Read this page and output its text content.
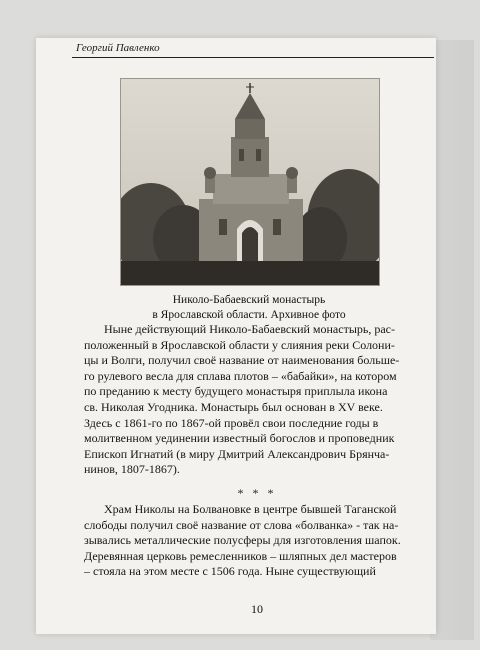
Георгий Павленко
Николо-Бабаевский монастырь
в Ярославской области. Архивное фото
Ныне действующий Николо-Бабаевский монастырь, рас-
положенный в Ярославской области у слияния реки Солони-
цы и Волги, получил своё название от наименования больше-
го рулевого весла для сплава плотов – «бабайки», на котором
по преданию к месту будущего монастыря приплыла икона
св. Николая Угодника. Монастырь был основан в XV веке.
Здесь с 1861-го по 1867-ой провёл свои последние годы в
молитвенном уединении известный богослов и проповедник
Епископ Игнатий (в миру Дмитрий Александрович Брянча-
нинов, 1807-1867).
* * *
Храм Николы на Болвановке в центре бывшей Таганской
слободы получил своё название от слова «болванка» - так на-
зывались металлические полусферы для изготовления шапок.
Деревянная церковь ремесленников – шляпных дел мастеров
– стояла на этом месте с 1506 года. Ныне существующий
10
